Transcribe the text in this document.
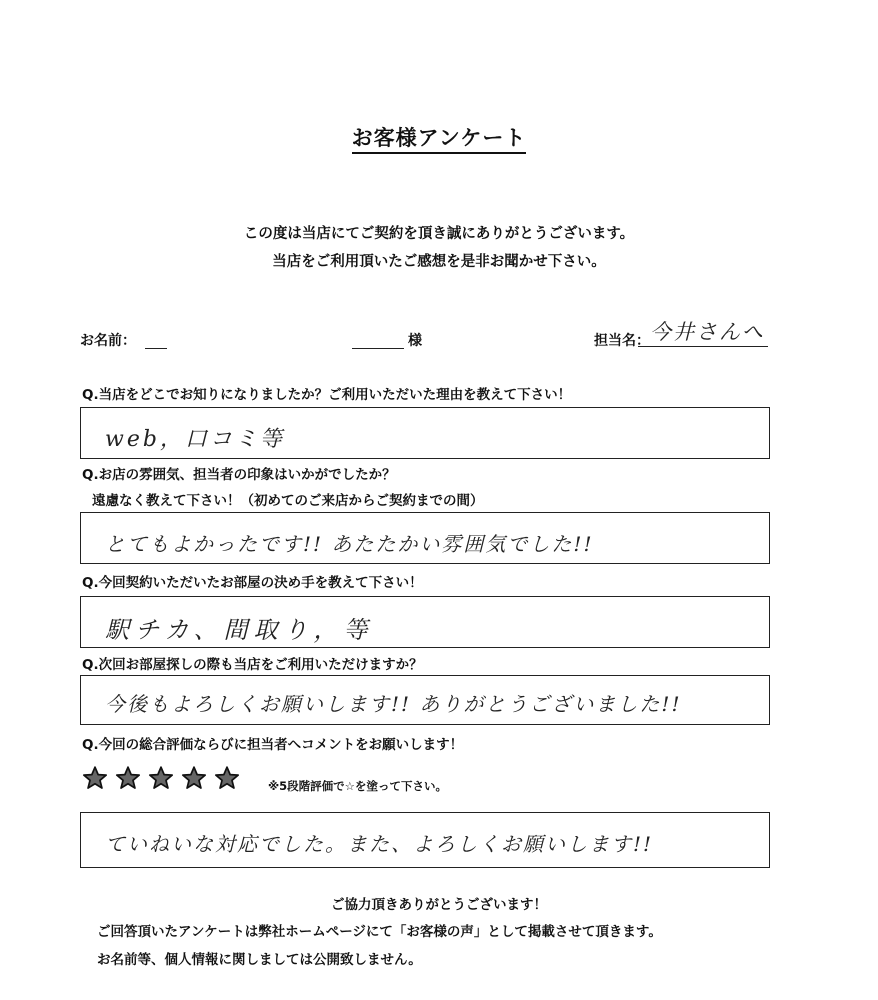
お客様アンケート
この度は当店にてご契約を頂き誠にありがとうございます。
当店をご利用頂いたご感想を是非お聞かせ下さい。
お名前：	様	担当名： 今井さんへ
Q.当店をどこでお知りになりましたか？ご利用いただいた理由を教えて下さい！
web，口コミ等
Q.お店の雰囲気、担当者の印象はいかがでしたか？
遠慮なく教えて下さい！（初めてのご来店からご契約までの間）
とてもよかったです!! あたたかい雰囲気でした!!
Q.今回契約いただいたお部屋の決め手を教えて下さい！
駅チカ、間取り，等
Q.次回お部屋探しの際も当店をご利用いただけますか？
今後もよろしくお願いします!! ありがとうございました!!
Q.今回の総合評価ならびに担当者へコメントをお願いします！
※5段階評価で☆を塗って下さい。
ていねいな対応でした。また、よろしくお願いします!!
ご協力頂きありがとうございます！
ご回答頂いたアンケートは弊社ホームページにて「お客様の声」として掲載させて頂きます。
お名前等、個人情報に関しましては公開致しません。
